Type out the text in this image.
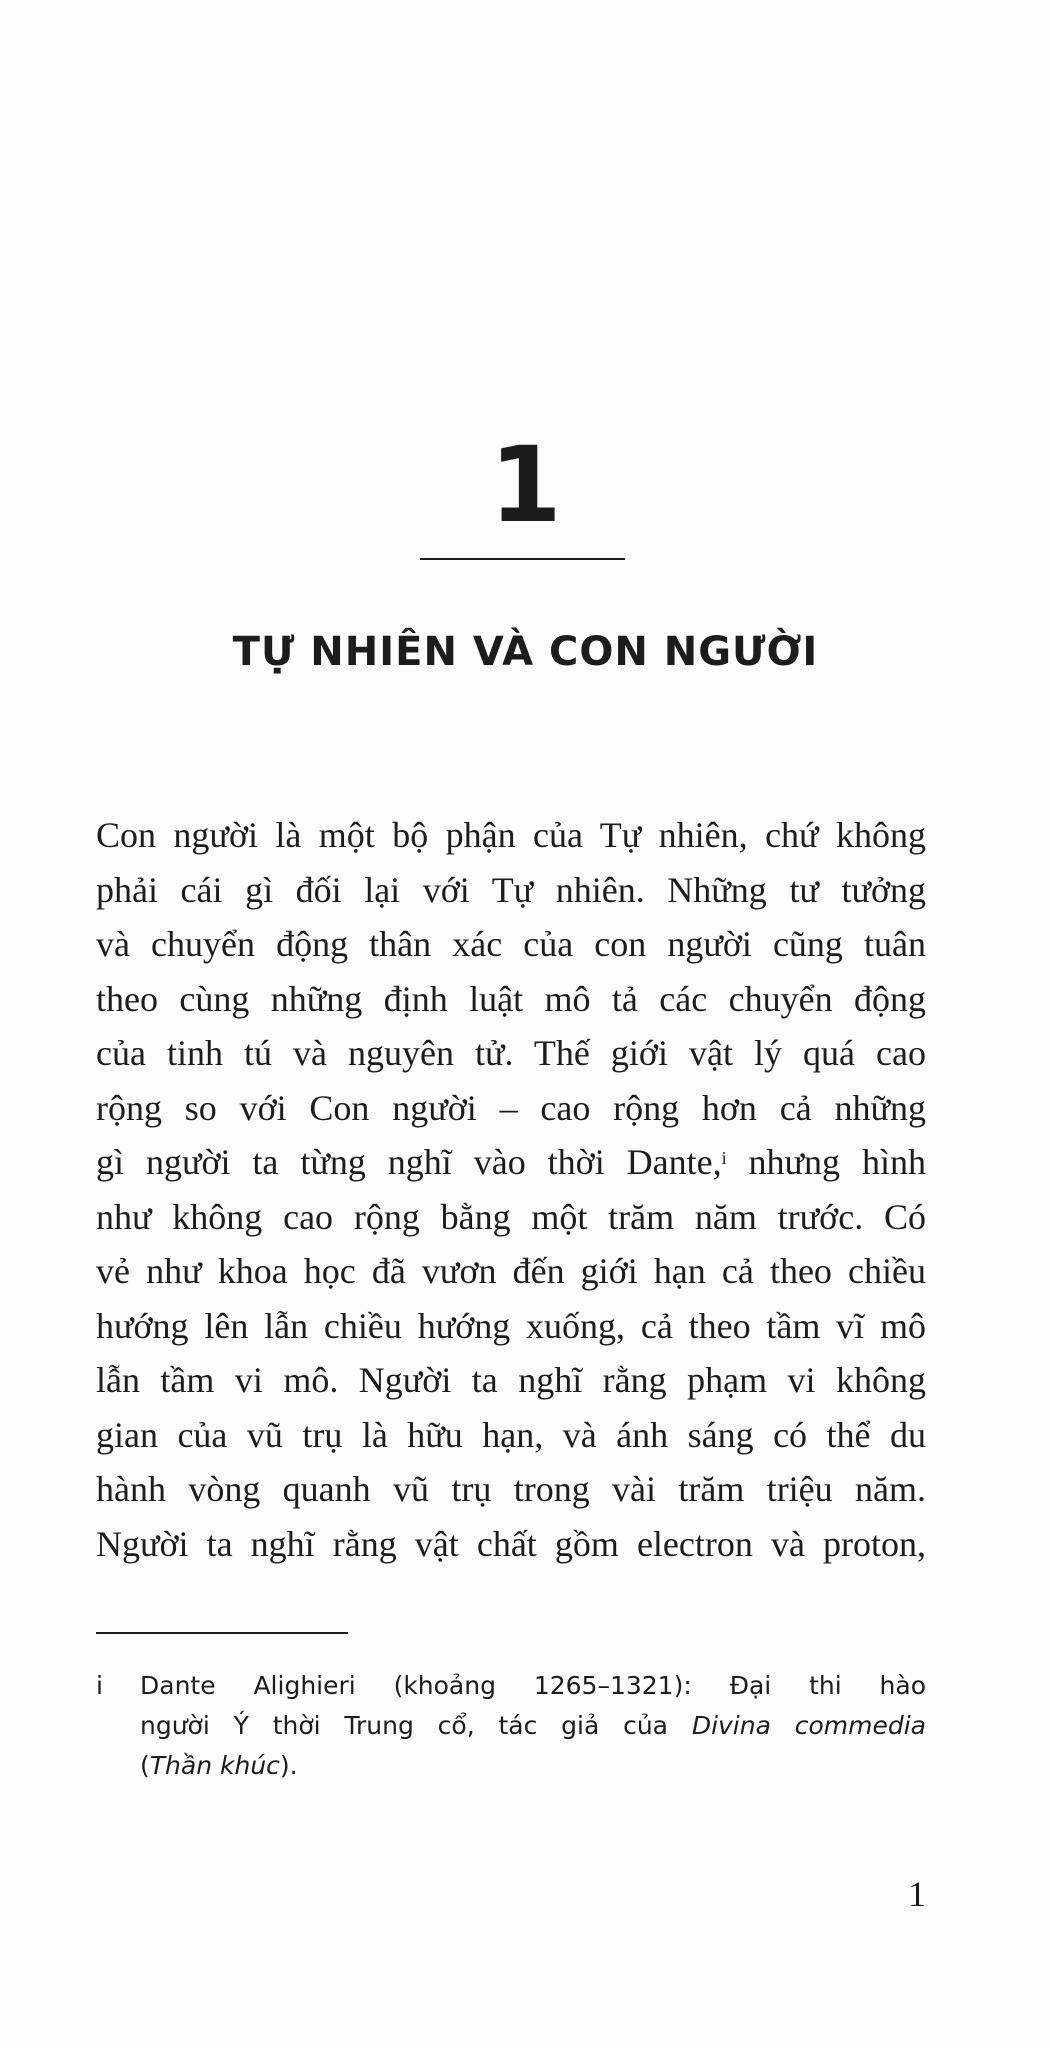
1
TỰ NHIÊN VÀ CON NGƯỜI
Con người là một bộ phận của Tự nhiên, chứ không
phải cái gì đối lại với Tự nhiên. Những tư tưởng
và chuyển động thân xác của con người cũng tuân
theo cùng những định luật mô tả các chuyển động
của tinh tú và nguyên tử. Thế giới vật lý quá cao
rộng so với Con người – cao rộng hơn cả những
gì người ta từng nghĩ vào thời Dante,$^i$ nhưng hình
như không cao rộng bằng một trăm năm trước. Có
vẻ như khoa học đã vươn đến giới hạn cả theo chiều
hướng lên lẫn chiều hướng xuống, cả theo tầm vĩ mô
lẫn tầm vi mô. Người ta nghĩ rằng phạm vi không
gian của vũ trụ là hữu hạn, và ánh sáng có thể du
hành vòng quanh vũ trụ trong vài trăm triệu năm.
Người ta nghĩ rằng vật chất gồm electron và proton,
i Dante Alighieri (khoảng 1265–1321): Đại thi hào
người Ý thời Trung cổ, tác giả của Divina commedia
(Thần khúc).
1
